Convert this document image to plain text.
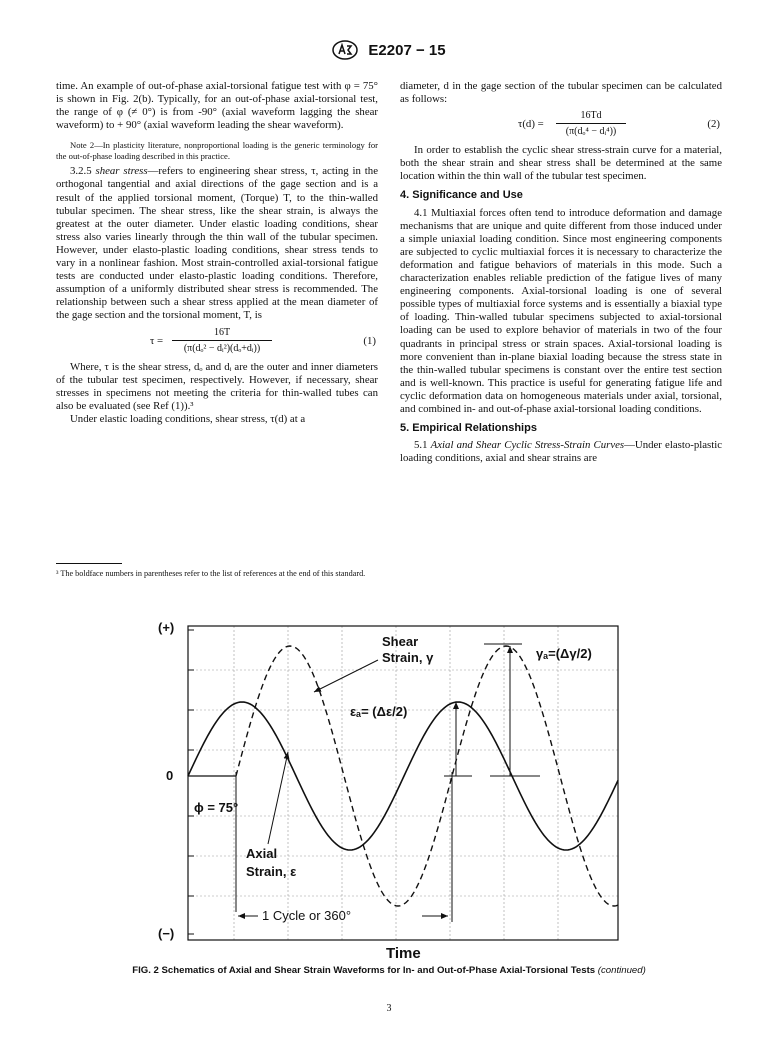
E2207 − 15

time. An example of out-of-phase axial-torsional fatigue test with φ = 75° is shown in Fig. 2(b). Typically, for an out-of-phase axial-torsional test, the range of φ (≠ 0°) is from -90° (axial waveform lagging the shear waveform) to + 90° (axial waveform leading the shear waveform).

Note 2—In plasticity literature, nonproportional loading is the generic terminology for the out-of-phase loading described in this practice.

3.2.5 shear stress—refers to engineering shear stress, τ, acting in the orthogonal tangential and axial directions of the gage section and is a result of the applied torsional moment, (Torque) T, to the thin-walled tubular specimen. The shear stress, like the shear strain, is always the greatest at the outer diameter. Under elastic loading conditions, shear stress also varies linearly through the thin wall of the tubular specimen. However, under elasto-plastic loading conditions, shear stress tends to vary in a nonlinear fashion. Most strain-controlled axial-torsional fatigue tests are conducted under elasto-plastic loading conditions. Therefore, assumption of a uniformly distributed shear stress is recommended. The relationship between such a shear stress applied at the mean diameter of the gage section and the torsional moment, T, is

$\tau = \frac{16T}{\text{(π(dₒ² − dᵢ²)(dₒ+dᵢ))}}$	(1)

Where, τ is the shear stress, dₒ and dᵢ are the outer and inner diameters of the tubular test specimen, respectively. However, if necessary, shear stresses in specimens not meeting the criteria for thin-walled tubes can also be evaluated (see Ref (1)).³

Under elastic loading conditions, shear stress, τ(d) at a

diameter, d in the gage section of the tubular specimen can be calculated as follows:

$\tau(d) = \frac{16Td}{\text{(π(dₒ⁴ − dᵢ⁴))}}$	(2)

In order to establish the cyclic shear stress-strain curve for a material, both the shear strain and shear stress shall be determined at the same location within the thin wall of the tubular test specimen.

4. Significance and Use

4.1 Multiaxial forces often tend to introduce deformation and damage mechanisms that are unique and quite different from those induced under a simple uniaxial loading condition. Since most engineering components are subjected to cyclic multiaxial forces it is necessary to characterize the deformation and fatigue behaviors of materials in this mode. Such a characterization enables reliable prediction of the fatigue lives of many engineering components. Axial-torsional loading is one of several possible types of multiaxial force systems and is essentially a biaxial type of loading. Thin-walled tubular specimens subjected to axial-torsional loading can be used to explore behavior of materials in two of the four quadrants in principal stress or strain spaces. Axial-torsional loading is more convenient than in-plane biaxial loading because the stress state in the thin-walled tubular specimens is constant over the entire test section and is well-known. This practice is useful for generating fatigue life and cyclic deformation data on homogeneous materials under axial, torsional, and combined in- and out-of-phase axial-torsional loading conditions.

5. Empirical Relationships

5.1 Axial and Shear Cyclic Stress-Strain Curves—Under elasto-plastic loading conditions, axial and shear strains are

³ The boldface numbers in parentheses refer to the list of references at the end of this standard.
(+)
0
(−)
Shear
Strain, γ	γₐ=(Δγ/2)
εₐ= (Δε/2)
ϕ = 75°
Axial
Strain, ε
1 Cycle or 360°
Time
FIG. 2 Schematics of Axial and Shear Strain Waveforms for In- and Out-of-Phase Axial-Torsional Tests (continued)
3
